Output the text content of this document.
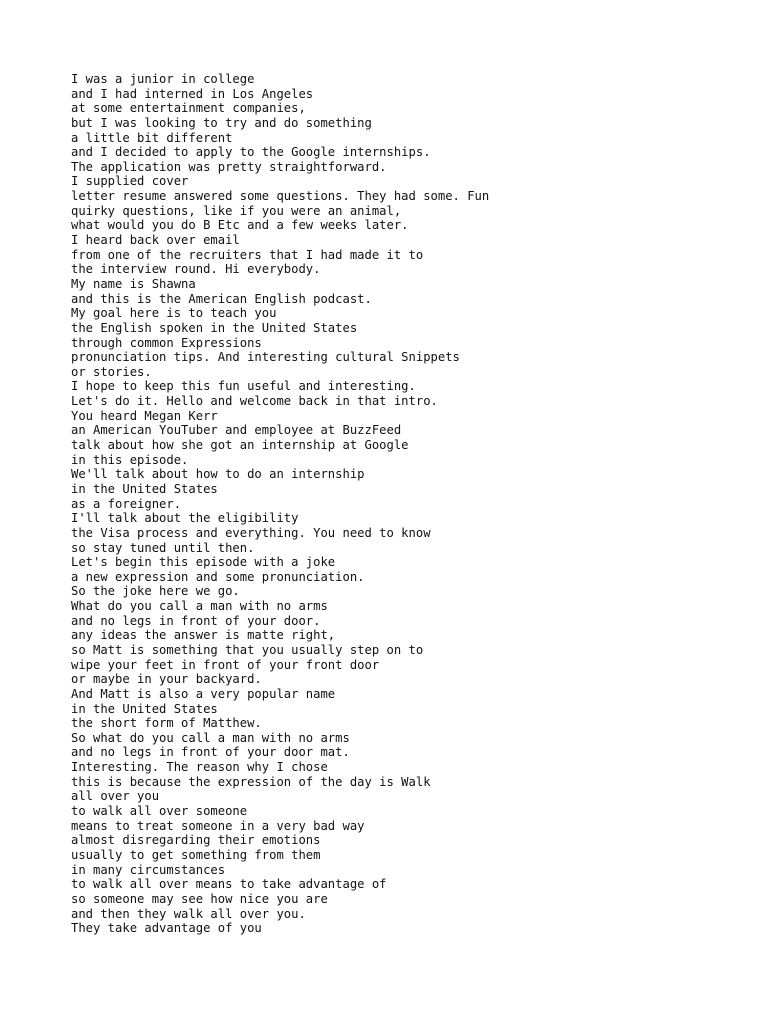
I was a junior in college
and I had interned in Los Angeles
at some entertainment companies,
but I was looking to try and do something
a little bit different
and I decided to apply to the Google internships.
The application was pretty straightforward.
I supplied cover
letter resume answered some questions. They had some. Fun
quirky questions, like if you were an animal,
what would you do B Etc and a few weeks later.
I heard back over email
from one of the recruiters that I had made it to
the interview round. Hi everybody.
My name is Shawna
and this is the American English podcast.
My goal here is to teach you
the English spoken in the United States
through common Expressions
pronunciation tips. And interesting cultural Snippets
or stories.
I hope to keep this fun useful and interesting.
Let's do it. Hello and welcome back in that intro.
You heard Megan Kerr
an American YouTuber and employee at BuzzFeed
talk about how she got an internship at Google
in this episode.
We'll talk about how to do an internship
in the United States
as a foreigner.
I'll talk about the eligibility
the Visa process and everything. You need to know
so stay tuned until then.
Let's begin this episode with a joke
a new expression and some pronunciation.
So the joke here we go.
What do you call a man with no arms
and no legs in front of your door.
any ideas the answer is matte right,
so Matt is something that you usually step on to
wipe your feet in front of your front door
or maybe in your backyard.
And Matt is also a very popular name
in the United States
the short form of Matthew.
So what do you call a man with no arms
and no legs in front of your door mat.
Interesting. The reason why I chose
this is because the expression of the day is Walk
all over you
to walk all over someone
means to treat someone in a very bad way
almost disregarding their emotions
usually to get something from them
in many circumstances
to walk all over means to take advantage of
so someone may see how nice you are
and then they walk all over you.
They take advantage of you
